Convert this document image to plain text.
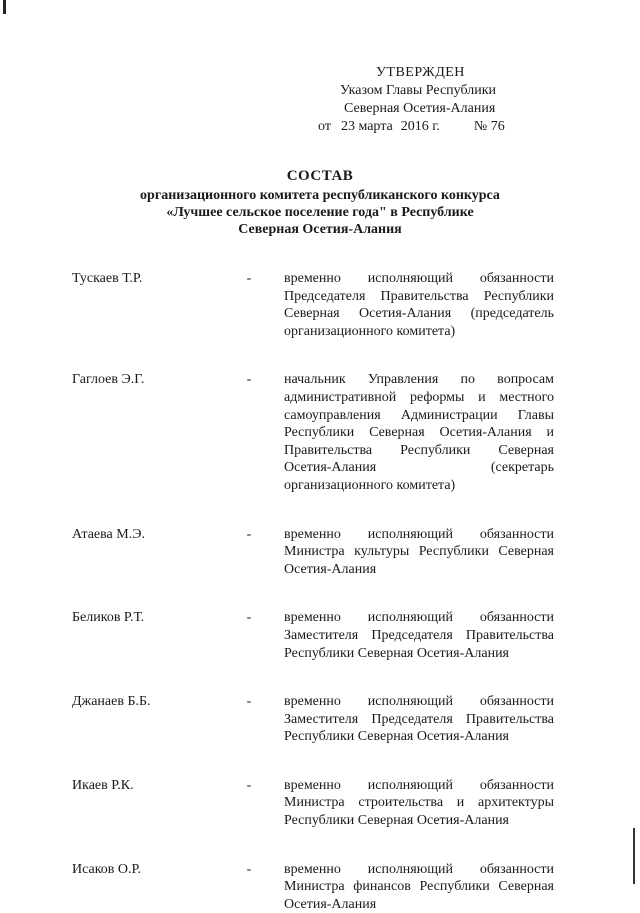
УТВЕРЖДЕН
Указом Главы Республики
Северная Осетия-Алания
от 23 марта 2016 г. № 76
СОСТАВ
организационного комитета республиканского конкурса
«Лучшее сельское поселение года" в Республике
Северная Осетия-Алания
Тускаев Т.Р.	- временно исполняющий обязанности Председателя Правительства Республики Северная Осетия-Алания (председатель организационного комитета)
Гаглоев Э.Г.	- начальник Управления по вопросам административной реформы и местного самоуправления Администрации Главы Республики Северная Осетия-Алания и Правительства Республики Северная Осетия-Алания (секретарь организационного комитета)
Атаева М.Э.	- временно исполняющий обязанности Министра культуры Республики Северная Осетия-Алания
Беликов Р.Т.	- временно исполняющий обязанности Заместителя Председателя Правительства Республики Северная Осетия-Алания
Джанаев Б.Б.	- временно исполняющий обязанности Заместителя Председателя Правительства Республики Северная Осетия-Алания
Икаев Р.К.	- временно исполняющий обязанности Министра строительства и архитектуры Республики Северная Осетия-Алания
Исаков О.Р.	- временно исполняющий обязанности Министра финансов Республики Северная Осетия-Алания
